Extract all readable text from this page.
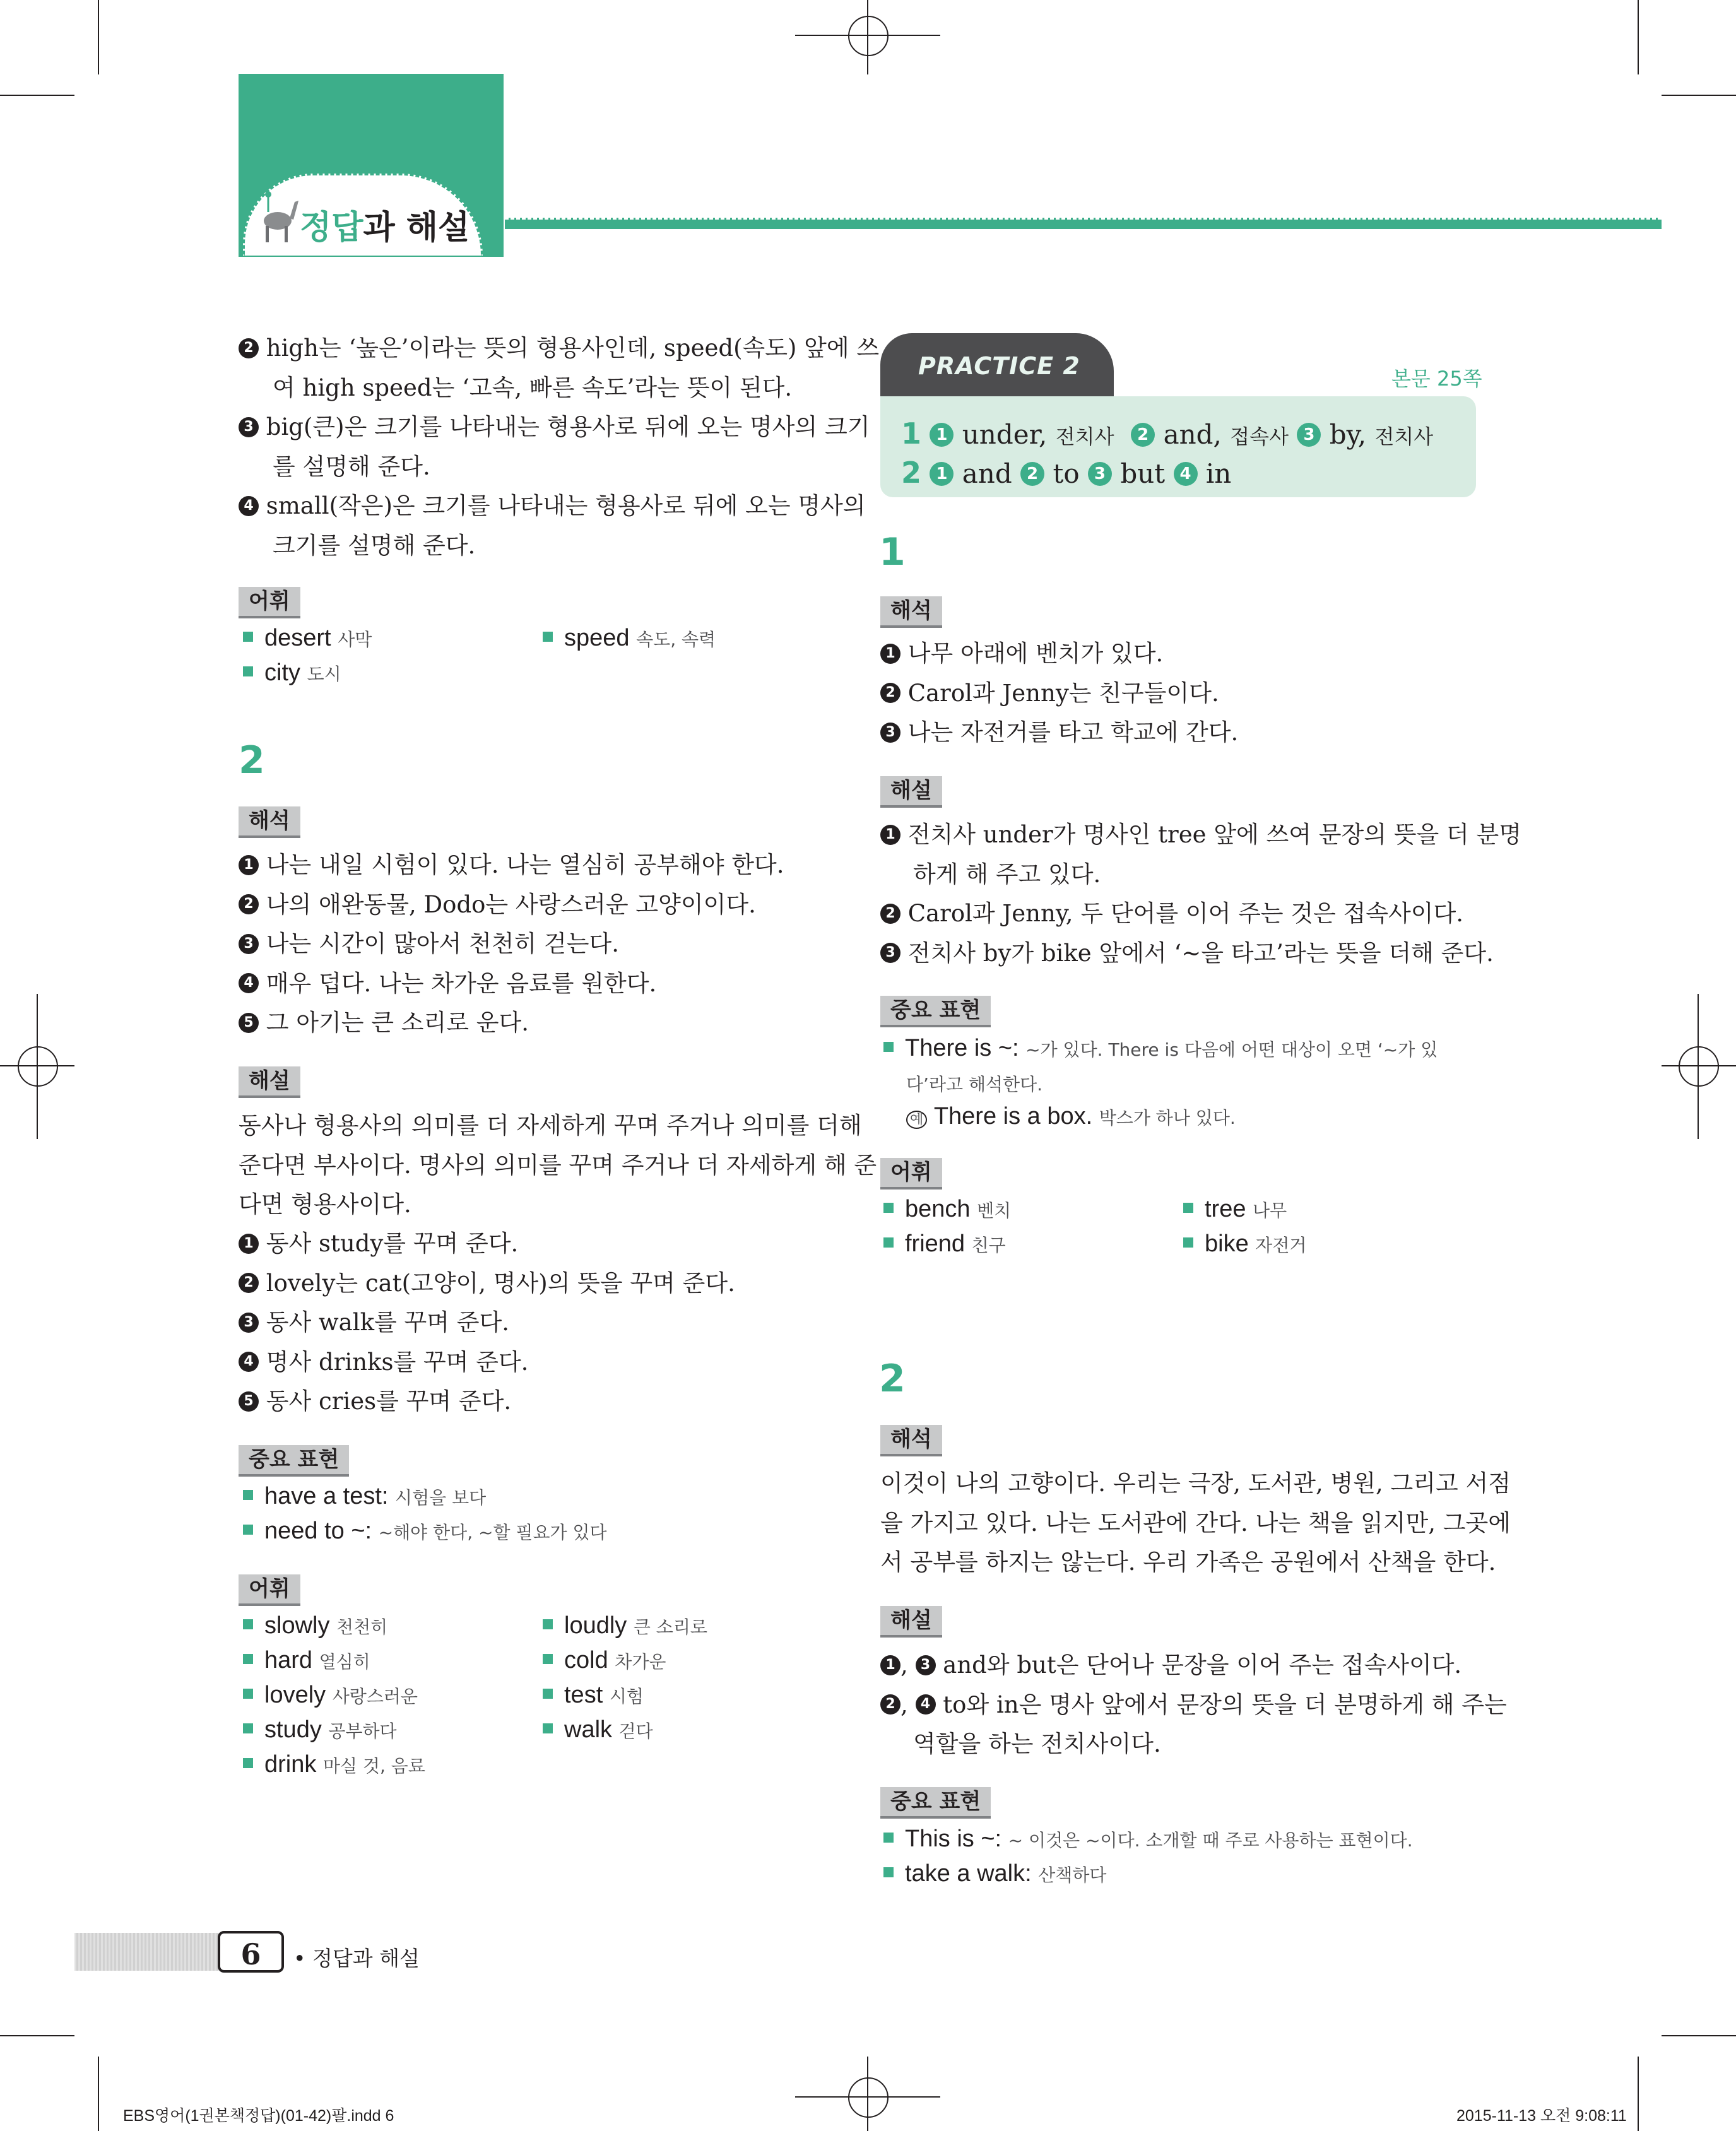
정답과 해설
2 high는 ‘높은’이라는 뜻의 형용사인데, speed(속도) 앞에 쓰
여 high speed는 ‘고속, 빠른 속도’라는 뜻이 된다.
3 big(큰)은 크기를 나타내는 형용사로 뒤에 오는 명사의 크기
를 설명해 준다.
4 small(작은)은 크기를 나타내는 형용사로 뒤에 오는 명사의
크기를 설명해 준다.
어휘
desert 사막	speed 속도, 속력
city 도시
2
해석
1 나는 내일 시험이 있다. 나는 열심히 공부해야 한다.
2 나의 애완동물, Dodo는 사랑스러운 고양이이다.
3 나는 시간이 많아서 천천히 걷는다.
4 매우 덥다. 나는 차가운 음료를 원한다.
5 그 아기는 큰 소리로 운다.
해설
동사나 형용사의 의미를 더 자세하게 꾸며 주거나 의미를 더해
준다면 부사이다. 명사의 의미를 꾸며 주거나 더 자세하게 해 준
다면 형용사이다.
1 동사 study를 꾸며 준다.
2 lovely는 cat(고양이, 명사)의 뜻을 꾸며 준다.
3 동사 walk를 꾸며 준다.
4 명사 drinks를 꾸며 준다.
5 동사 cries를 꾸며 준다.
중요 표현
have a test: 시험을 보다
need to ~: ~해야 한다, ~할 필요가 있다
어휘
slowly 천천히	loudly 큰 소리로
hard 열심히	cold 차가운
lovely 사랑스러운	test 시험
study 공부하다	walk 걷다
drink 마실 것, 음료
PRACTICE 2	본문 25쪽
1 1 under, 전치사 2 and, 접속사 3 by, 전치사
2 1 and 2 to 3 but 4 in
1
해석
1 나무 아래에 벤치가 있다.
2 Carol과 Jenny는 친구들이다.
3 나는 자전거를 타고 학교에 간다.
해설
1 전치사 under가 명사인 tree 앞에 쓰여 문장의 뜻을 더 분명
하게 해 주고 있다.
2 Carol과 Jenny, 두 단어를 이어 주는 것은 접속사이다.
3 전치사 by가 bike 앞에서 ‘~을 타고’라는 뜻을 더해 준다.
중요 표현
There is ~: ~가 있다. There is 다음에 어떤 대상이 오면 ‘~가 있
다’라고 해석한다.
예 There is a box. 박스가 하나 있다.
어휘
bench 벤치	tree 나무
friend 친구	bike 자전거
2
해석
이것이 나의 고향이다. 우리는 극장, 도서관, 병원, 그리고 서점
을 가지고 있다. 나는 도서관에 간다. 나는 책을 읽지만, 그곳에
서 공부를 하지는 않는다. 우리 가족은 공원에서 산책을 한다.
해설
1 , 3 and와 but은 단어나 문장을 이어 주는 접속사이다.
2 , 4 to와 in은 명사 앞에서 문장의 뜻을 더 분명하게 해 주는
역할을 하는 전치사이다.
중요 표현
This is ~: ~ 이것은 ~이다. 소개할 때 주로 사용하는 표현이다.
take a walk: 산책하다
6	• 정답과 해설
EBS영어(1권본책정답)(01-42)팔.indd 6	2015-11-13 오전 9:08:11
